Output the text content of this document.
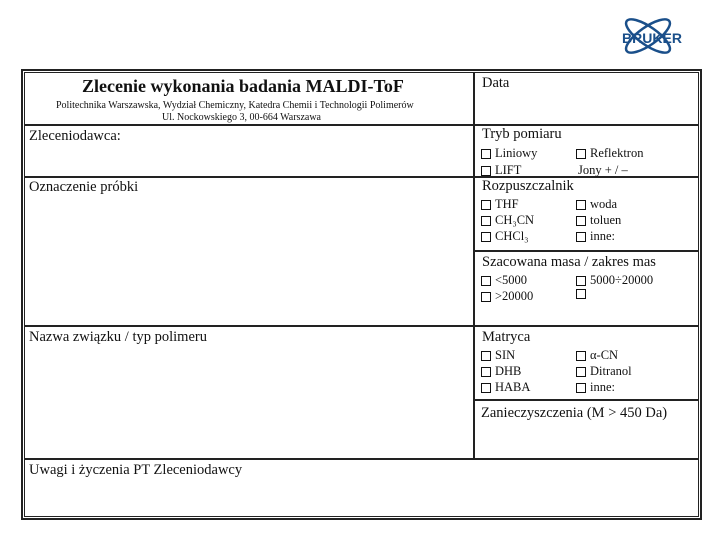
BRUKER
Zlecenie wykonania badania MALDI-ToF
Politechnika Warszawska, Wydział Chemiczny, Katedra Chemii i Technologii Polimerów
Ul. Nockowskiego 3, 00-664 Warszawa
Data
Zleceniodawca:	Tryb pomiaru
Liniowy	Reflektron
LIFT	Jony + / –
Oznaczenie próbki	Rozpuszczalnik
THF	woda
CH₃CN	toluen
CHCl₃	inne:
Szacowana masa / zakres mas
<5000	5000÷20000
>20000
Nazwa związku / typ polimeru	Matryca
SIN	α-CN
DHB	Ditranol
HABA	inne:
Zanieczyszczenia (M > 450 Da)
Uwagi i życzenia PT Zleceniodawcy
